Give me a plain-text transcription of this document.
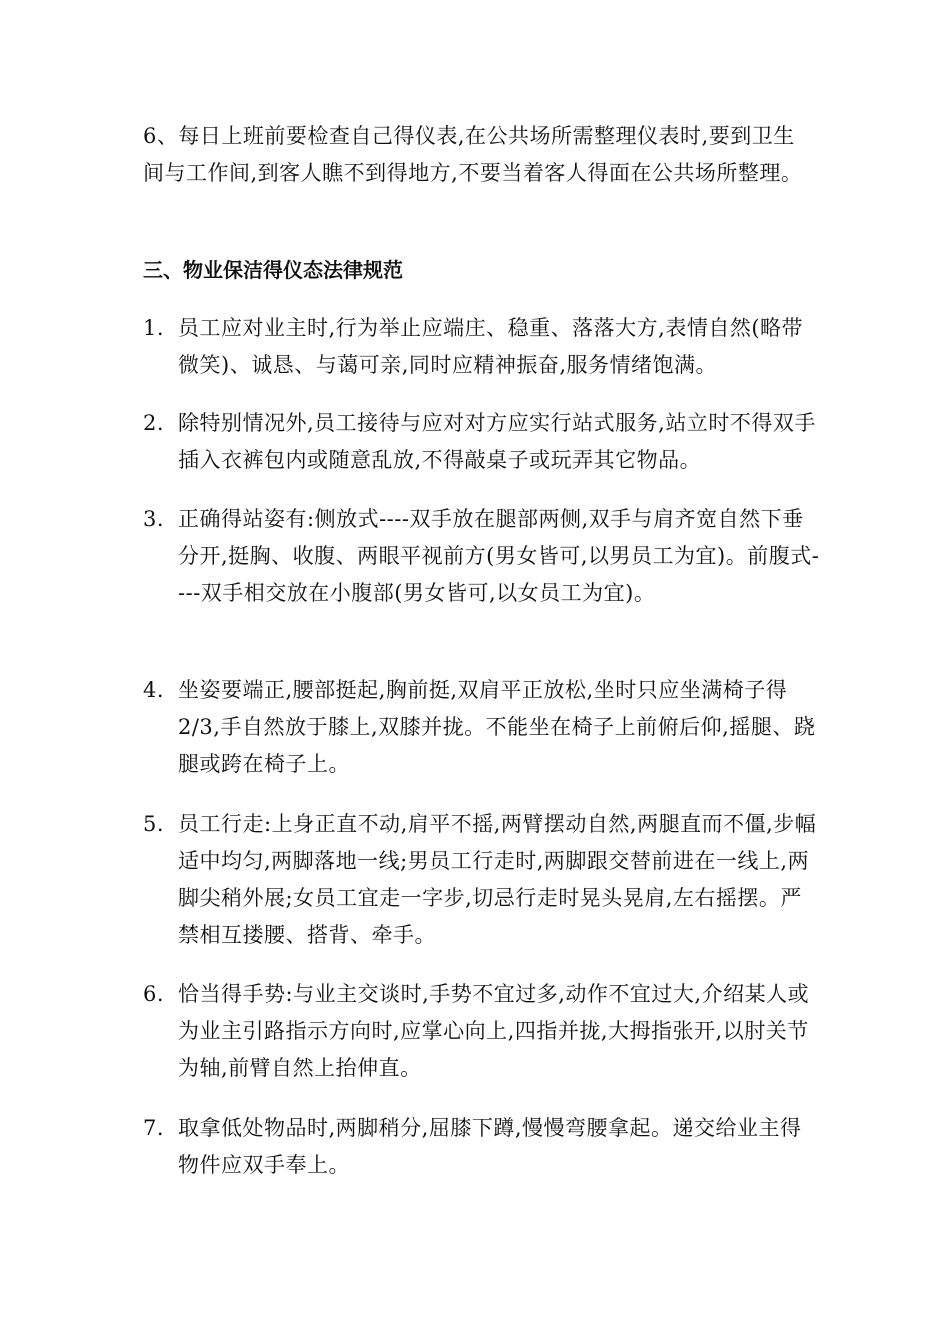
6、每日上班前要检查自己得仪表,在公共场所需整理仪表时,要到卫生间与工作间,到客人瞧不到得地方,不要当着客人得面在公共场所整理。
三、物业保洁得仪态法律规范
1. 员工应对业主时,行为举止应端庄、稳重、落落大方,表情自然(略带微笑)、诚恳、与蔼可亲,同时应精神振奋,服务情绪饱满。
2. 除特别情况外,员工接待与应对对方应实行站式服务,站立时不得双手插入衣裤包内或随意乱放,不得敲桌子或玩弄其它物品。
3. 正确得站姿有:侧放式----双手放在腿部两侧,双手与肩齐宽自然下垂分开,挺胸、收腹、两眼平视前方(男女皆可,以男员工为宜)。前腹式----双手相交放在小腹部(男女皆可,以女员工为宜)。
4. 坐姿要端正,腰部挺起,胸前挺,双肩平正放松,坐时只应坐满椅子得2/3,手自然放于膝上,双膝并拢。不能坐在椅子上前俯后仰,摇腿、跷腿或跨在椅子上。
5. 员工行走:上身正直不动,肩平不摇,两臂摆动自然,两腿直而不僵,步幅适中均匀,两脚落地一线;男员工行走时,两脚跟交替前进在一线上,两脚尖稍外展;女员工宜走一字步,切忌行走时晃头晃肩,左右摇摆。严禁相互搂腰、搭背、牵手。
6. 恰当得手势:与业主交谈时,手势不宜过多,动作不宜过大,介绍某人或为业主引路指示方向时,应掌心向上,四指并拢,大拇指张开,以肘关节为轴,前臂自然上抬伸直。
7. 取拿低处物品时,两脚稍分,屈膝下蹲,慢慢弯腰拿起。递交给业主得物件应双手奉上。
